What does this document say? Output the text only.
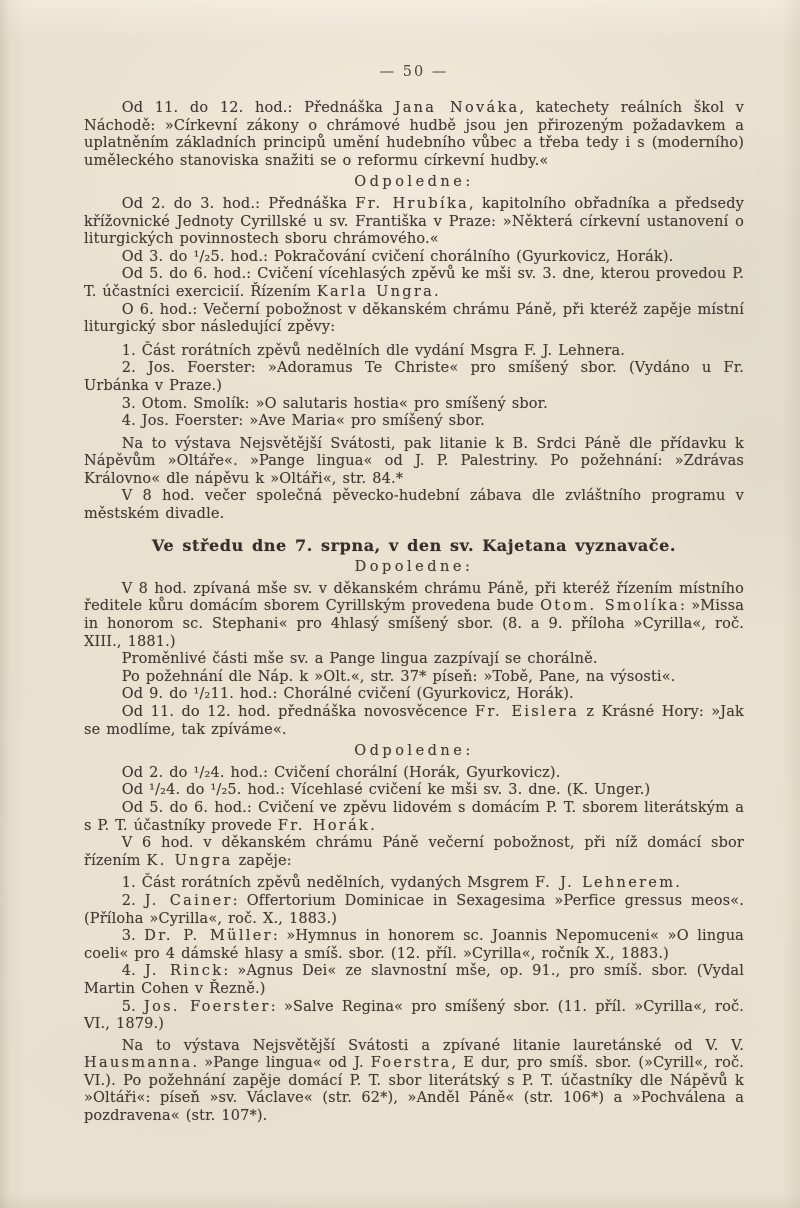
— 50 —

Od 11. do 12. hod.: Přednáška Jana Nováka, katechety reálních škol v Náchodě: »Církevní zákony o chrámové hudbě jsou jen přirozeným požadavkem a uplatněním základních principů umění hudebního vůbec a třeba tedy i s (moderního) uměleckého stanoviska snažiti se o reformu církevní hudby.«

Odpoledne:

Od 2. do 3. hod.: Přednáška Fr. Hrubíka, kapitolního obřadníka a předsedy křížovnické Jednoty Cyrillské u sv. Františka v Praze: »Některá církevní ustanovení o liturgických povinnostech sboru chrámového.«

Od 3. do ¹/₂5. hod.: Pokračování cvičení chorálního (Gyurkovicz, Horák).

Od 5. do 6. hod.: Cvičení vícehlasých zpěvů ke mši sv. 3. dne, kterou provedou P. T. účastníci exercicií. Řízením Karla Ungra.

O 6. hod.: Večerní pobožnost v děkanském chrámu Páně, při kteréž zapěje místní liturgický sbor následující zpěvy:

1. Část rorátních zpěvů nedělních dle vydání Msgra F. J. Lehnera.

2. Jos. Foerster: »Adoramus Te Christe« pro smíšený sbor. (Vydáno u Fr. Urbánka v Praze.)

3. Otom. Smolík: »O salutaris hostia« pro smíšený sbor.

4. Jos. Foerster: »Ave Maria« pro smíšený sbor.

Na to výstava Nejsvětější Svátosti, pak litanie k B. Srdci Páně dle přídavku k Nápěvům »Oltáře«. »Pange lingua« od J. P. Palestriny. Po požehnání: »Zdrávas Královno« dle nápěvu k »Oltáři«, str. 84.*

V 8 hod. večer společná pěvecko-hudební zábava dle zvláštního programu v městském divadle.

Ve středu dne 7. srpna, v den sv. Kajetana vyznavače.

Dopoledne:

V 8 hod. zpívaná mše sv. v děkanském chrámu Páně, při kteréž řízením místního ředitele kůru domácím sborem Cyrillským provedena bude Otom. Smolíka: »Missa in honorom sc. Stephani« pro 4hlasý smíšený sbor. (8. a 9. příloha »Cyrilla«, roč. XIII., 1881.)

Proměnlivé části mše sv. a Pange lingua zazpívají se chorálně.

Po požehnání dle Náp. k »Olt.«, str. 37* píseň: »Tobě, Pane, na výsosti«.

Od 9. do ¹/₂11. hod.: Chorálné cvičení (Gyurkovicz, Horák).

Od 11. do 12. hod. přednáška novosvěcence Fr. Eislera z Krásné Hory: »Jak se modlíme, tak zpíváme«.

Odpoledne:

Od 2. do ¹/₂4. hod.: Cvičení chorální (Horák, Gyurkovicz).

Od ¹/₂4. do ¹/₂5. hod.: Vícehlasé cvičení ke mši sv. 3. dne. (K. Unger.)

Od 5. do 6. hod.: Cvičení ve zpěvu lidovém s domácím P. T. sborem literátským a s P. T. účastníky provede Fr. Horák.

V 6 hod. v děkanském chrámu Páně večerní pobožnost, při níž domácí sbor řízením K. Ungra zapěje:

1. Část rorátních zpěvů nedělních, vydaných Msgrem F. J. Lehnerem.

2. J. Cainer: Offertorium Dominicae in Sexagesima »Perfice gressus meos«. (Příloha »Cyrilla«, roč. X., 1883.)

3. Dr. P. Müller: »Hymnus in honorem sc. Joannis Nepomuceni« »O lingua coeli« pro 4 dámské hlasy a smíš. sbor. (12. příl. »Cyrilla«, ročník X., 1883.)

4. J. Rinck: »Agnus Dei« ze slavnostní mše, op. 91., pro smíš. sbor. (Vydal Martin Cohen v Řezně.)

5. Jos. Foerster: »Salve Regina« pro smíšený sbor. (11. příl. »Cyrilla«, roč. VI., 1879.)

Na to výstava Nejsvětější Svátosti a zpívané litanie lauretánské od V. V. Hausmanna. »Pange lingua« od J. Foerstra, E dur, pro smíš. sbor. (»Cyrill«, roč. VI.). Po požehnání zapěje domácí P. T. sbor literátský s P. T. účastníky dle Nápěvů k »Oltáři«: píseň »sv. Václave« (str. 62*), »Anděl Páně« (str. 106*) a »Pochválena a pozdravena« (str. 107*).
